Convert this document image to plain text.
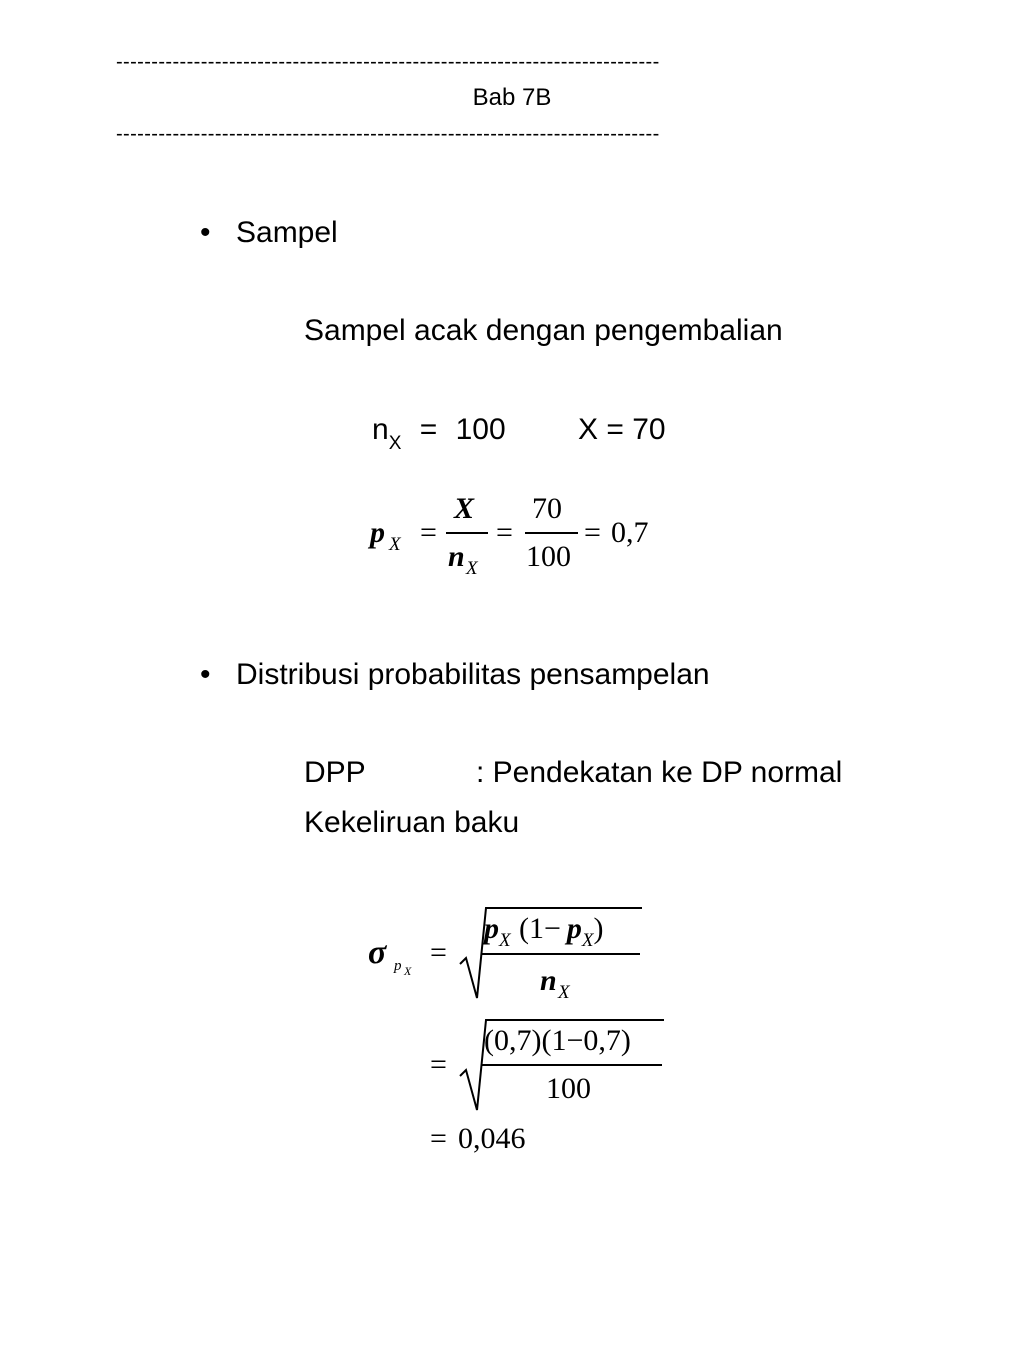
-----------------------------------------------------------------------------
Bab 7B
-----------------------------------------------------------------------------
• Sampel
Sampel acak dengan pengembalian
$n_X = 100$ X = 70
p X =
X
n X
=
70
100
= 0,7
• Distribusi probabilitas pensampelan
DPP	: Pendekatan ke DP normal
Kekeliruan baku
σ p X
=
$p_X$ $(1- p_X)$
n X
=
(0,7)(1−0,7)
100
= 0,046
